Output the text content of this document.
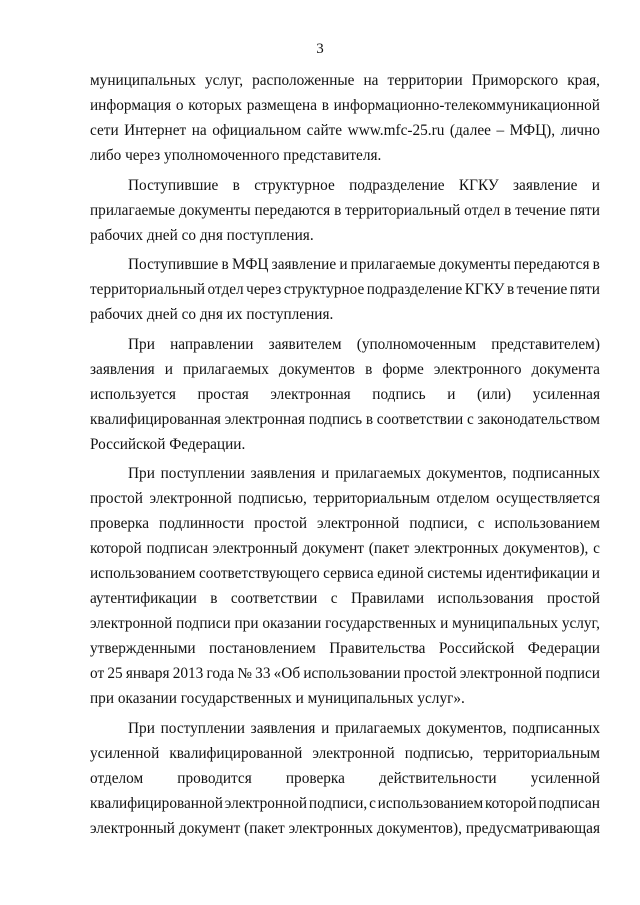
3
муниципальных услуг, расположенные на территории Приморского края,
информация о которых размещена в информационно-телекоммуникационной
сети Интернет на официальном сайте www.mfc-25.ru (далее – МФЦ), лично
либо через уполномоченного представителя.
Поступившие в структурное подразделение КГКУ заявление и
прилагаемые документы передаются в территориальный отдел в течение пяти
рабочих дней со дня поступления.
Поступившие в МФЦ заявление и прилагаемые документы передаются в
территориальный отдел через структурное подразделение КГКУ в течение пяти
рабочих дней со дня их поступления.
При направлении заявителем (уполномоченным представителем)
заявления и прилагаемых документов в форме электронного документа
используется простая электронная подпись и (или) усиленная
квалифицированная электронная подпись в соответствии с законодательством
Российской Федерации.
При поступлении заявления и прилагаемых документов, подписанных
простой электронной подписью, территориальным отделом осуществляется
проверка подлинности простой электронной подписи, с использованием
которой подписан электронный документ (пакет электронных документов), с
использованием соответствующего сервиса единой системы идентификации и
аутентификации в соответствии с Правилами использования простой
электронной подписи при оказании государственных и муниципальных услуг,
утвержденными постановлением Правительства Российской Федерации
от 25 января 2013 года № 33 «Об использовании простой электронной подписи
при оказании государственных и муниципальных услуг».
При поступлении заявления и прилагаемых документов, подписанных
усиленной квалифицированной электронной подписью, территориальным
отделом проводится проверка действительности усиленной
квалифицированной электронной подписи, с использованием которой подписан
электронный документ (пакет электронных документов), предусматривающая
